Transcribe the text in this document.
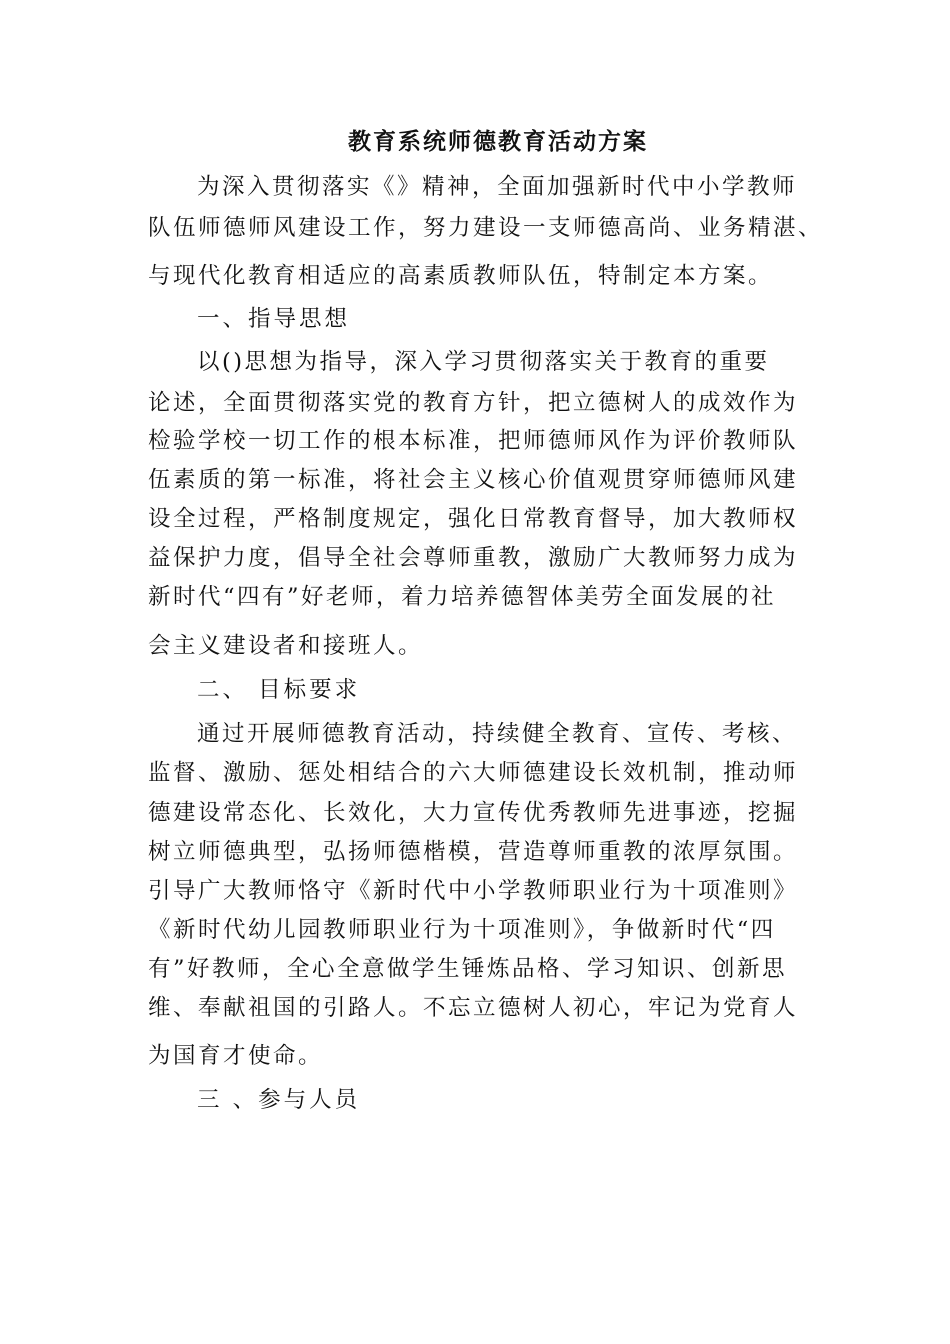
教育系统师德教育活动方案

为深入贯彻落实《》精神，全面加强新时代中小学教师

队伍师德师风建设工作，努力建设一支师德高尚、业务精湛、

与现代化教育相适应的高素质教师队伍，特制定本方案。

一、指导思想

以()思想为指导，深入学习贯彻落实关于教育的重要

论述，全面贯彻落实党的教育方针，把立德树人的成效作为

检验学校一切工作的根本标准，把师德师风作为评价教师队

伍素质的第一标准，将社会主义核心价值观贯穿师德师风建

设全过程，严格制度规定，强化日常教育督导，加大教师权

益保护力度，倡导全社会尊师重教，激励广大教师努力成为

新时代“四有”好老师，着力培养德智体美劳全面发展的社

会主义建设者和接班人。

二、 目标要求

通过开展师德教育活动，持续健全教育、宣传、考核、

监督、激励、惩处相结合的六大师德建设长效机制，推动师

德建设常态化、长效化，大力宣传优秀教师先进事迹，挖掘

树立师德典型，弘扬师德楷模，营造尊师重教的浓厚氛围。

引导广大教师恪守《新时代中小学教师职业行为十项准则》

《新时代幼儿园教师职业行为十项准则》，争做新时代“四

有”好教师，全心全意做学生锤炼品格、学习知识、创新思

维、奉献祖国的引路人。不忘立德树人初心，牢记为党育人

为国育才使命。

三 、参与人员
